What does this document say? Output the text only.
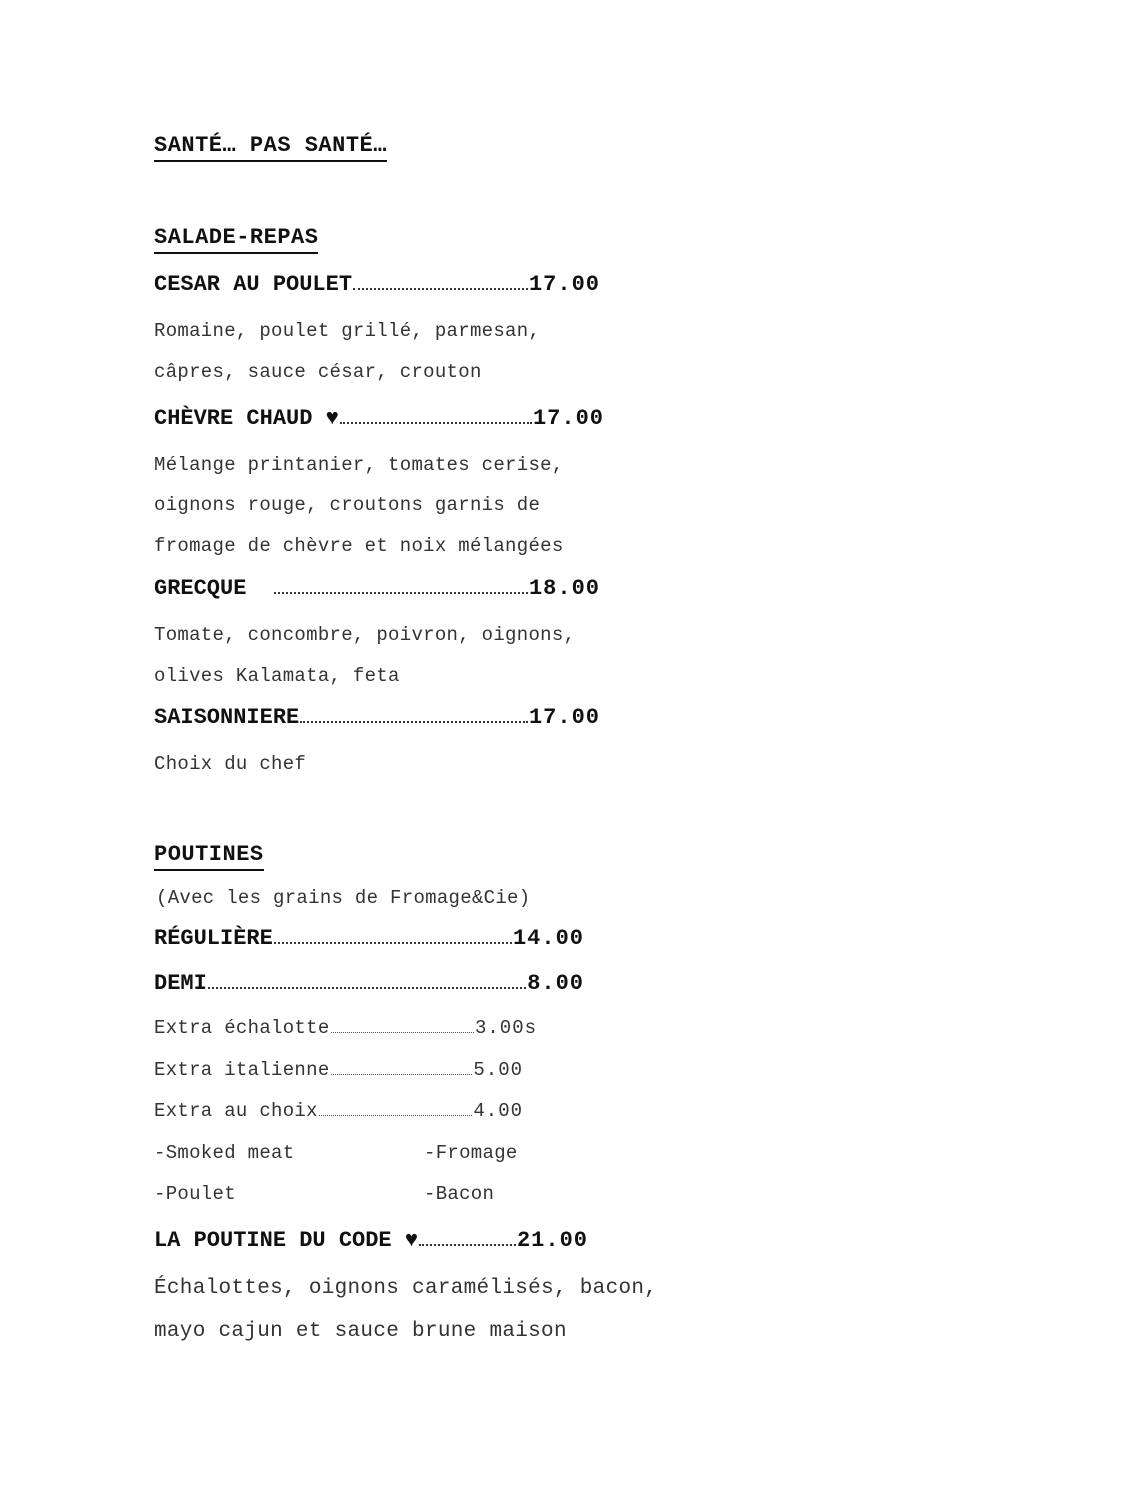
SANTÉ… PAS SANTÉ…
SALADE-REPAS
CESAR AU POULET	17.00
Romaine, poulet grillé, parmesan,
câpres, sauce césar, crouton
CHÈVRE CHAUD ♥	17.00
Mélange printanier, tomates cerise,
oignons rouge, croutons garnis de
fromage de chèvre et noix mélangées
GRECQUE	18.00
Tomate, concombre, poivron, oignons,
olives Kalamata, feta
SAISONNIERE	17.00
Choix du chef
POUTINES
(Avec les grains de Fromage&Cie)
RÉGULIÈRE	14.00
DEMI	8.00
Extra échalotte	3.00s
Extra italienne	5.00
Extra au choix	4.00
-Smoked meat	-Fromage
-Poulet	-Bacon
LA POUTINE DU CODE ♥	21.00
Échalottes, oignons caramélisés, bacon,
mayo cajun et sauce brune maison
